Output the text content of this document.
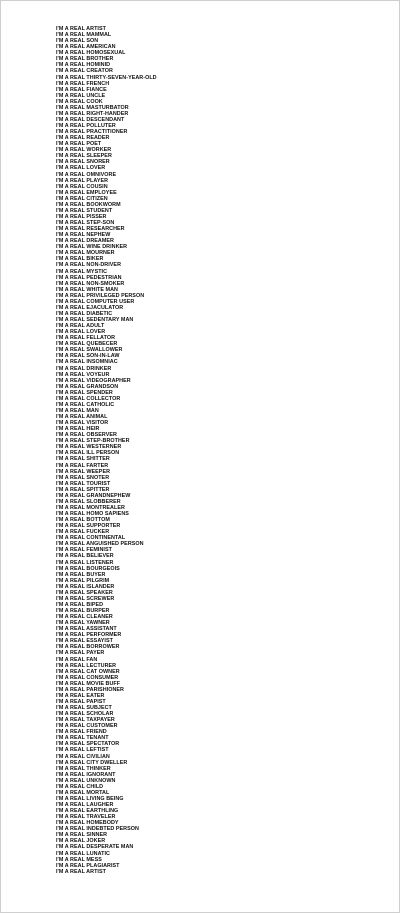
I'M A REAL ARTIST
I'M A REAL MAMMAL
I'M A REAL SON
I'M A REAL AMERICAN
I'M A REAL HOMOSEXUAL
I'M A REAL BROTHER
I'M A REAL HOMINID
I'M A REAL CREATOR
I'M A REAL THIRTY-SEVEN-YEAR-OLD
I'M A REAL FRENCH
I'M A REAL FIANCE
I'M A REAL UNCLE
I'M A REAL COOK
I'M A REAL MASTURBATOR
I'M A REAL RIGHT-HANDER
I'M A REAL DESCENDANT
I'M A REAL POLLUTER
I'M A REAL PRACTITIONER
I'M A REAL READER
I'M A REAL POET
I'M A REAL WORKER
I'M A REAL SLEEPER
I'M A REAL SNORER
I'M A REAL LOVER
I'M A REAL OMNIVORE
I'M A REAL PLAYER
I'M A REAL COUSIN
I'M A REAL EMPLOYEE
I'M A REAL CITIZEN
I'M A REAL BOOKWORM
I'M A REAL STUDENT
I'M A REAL PISSER
I'M A REAL STEP-SON
I'M A REAL RESEARCHER
I'M A REAL NEPHEW
I'M A REAL DREAMER
I'M A REAL WINE DRINKER
I'M A REAL MOURNER
I'M A REAL BIKER
I'M A REAL NON-DRIVER
I'M A REAL MYSTIC
I'M A REAL PEDESTRIAN
I'M A REAL NON-SMOKER
I'M A REAL WHITE MAN
I'M A REAL PRIVILEGED PERSON
I'M A REAL COMPUTER USER
I'M A REAL EJACULATOR
I'M A REAL DIABETIC
I'M A REAL SEDENTARY MAN
I'M A REAL ADULT
I'M A REAL LOVER
I'M A REAL FELLATOR
I'M A REAL QUEBECER
I'M A REAL SWALLOWER
I'M A REAL SON-IN-LAW
I'M A REAL INSOMNIAC
I'M A REAL DRINKER
I'M A REAL VOYEUR
I'M A REAL VIDEOGRAPHER
I'M A REAL GRANDSON
I'M A REAL SPENDER
I'M A REAL COLLECTOR
I'M A REAL CATHOLIC
I'M A REAL MAN
I'M A REAL ANIMAL
I'M A REAL VISITOR
I'M A REAL HEIR
I'M A REAL OBSERVER
I'M A REAL STEP-BROTHER
I'M A REAL WESTERNER
I'M A REAL ILL PERSON
I'M A REAL SHITTER
I'M A REAL FARTER
I'M A REAL WEEPER
I'M A REAL SNOTER
I'M A REAL TOURIST
I'M A REAL SPITTER
I'M A REAL GRANDNEPHEW
I'M A REAL SLOBBERER
I'M A REAL MONTREALER
I'M A REAL HOMO SAPIENS
I'M A REAL BOTTOM
I'M A REAL SUPPORTER
I'M A REAL FUCKER
I'M A REAL CONTINENTAL
I'M A REAL ANGUISHED PERSON
I'M A REAL FEMINIST
I'M A REAL BELIEVER
I'M A REAL LISTENER
I'M A REAL BOURGEOIS
I'M A REAL BUYER
I'M A REAL PILGRIM
I'M A REAL ISLANDER
I'M A REAL SPEAKER
I'M A REAL SCREWER
I'M A REAL BIPED
I'M A REAL BURPER
I'M A REAL CLEANER
I'M A REAL YAWNER
I'M A REAL ASSISTANT
I'M A REAL PERFORMER
I'M A REAL ESSAYIST
I'M A REAL BORROWER
I'M A REAL PAYER
I'M A REAL FAN
I'M A REAL LECTURER
I'M A REAL CAT OWNER
I'M A REAL CONSUMER
I'M A REAL MOVIE BUFF
I'M A REAL PARISHIONER
I'M A REAL EATER
I'M A REAL PAPIST
I'M A REAL SUBJECT
I'M A REAL SCHOLAR
I'M A REAL TAXPAYER
I'M A REAL CUSTOMER
I'M A REAL FRIEND
I'M A REAL TENANT
I'M A REAL SPECTATOR
I'M A REAL LEFTIST
I'M A REAL CIVILIAN
I'M A REAL CITY DWELLER
I'M A REAL THINKER
I'M A REAL IGNORANT
I'M A REAL UNKNOWN
I'M A REAL CHILD
I'M A REAL MORTAL
I'M A REAL LIVING BEING
I'M A REAL LAUGHER
I'M A REAL EARTHLING
I'M A REAL TRAVELER
I'M A REAL HOMEBODY
I'M A REAL INDEBTED PERSON
I'M A REAL SINNER
I'M A REAL JOKER
I'M A REAL DESPERATE MAN
I'M A REAL LUNATIC
I'M A REAL MESS
I'M A REAL PLAGIARIST
I'M A REAL ARTIST
